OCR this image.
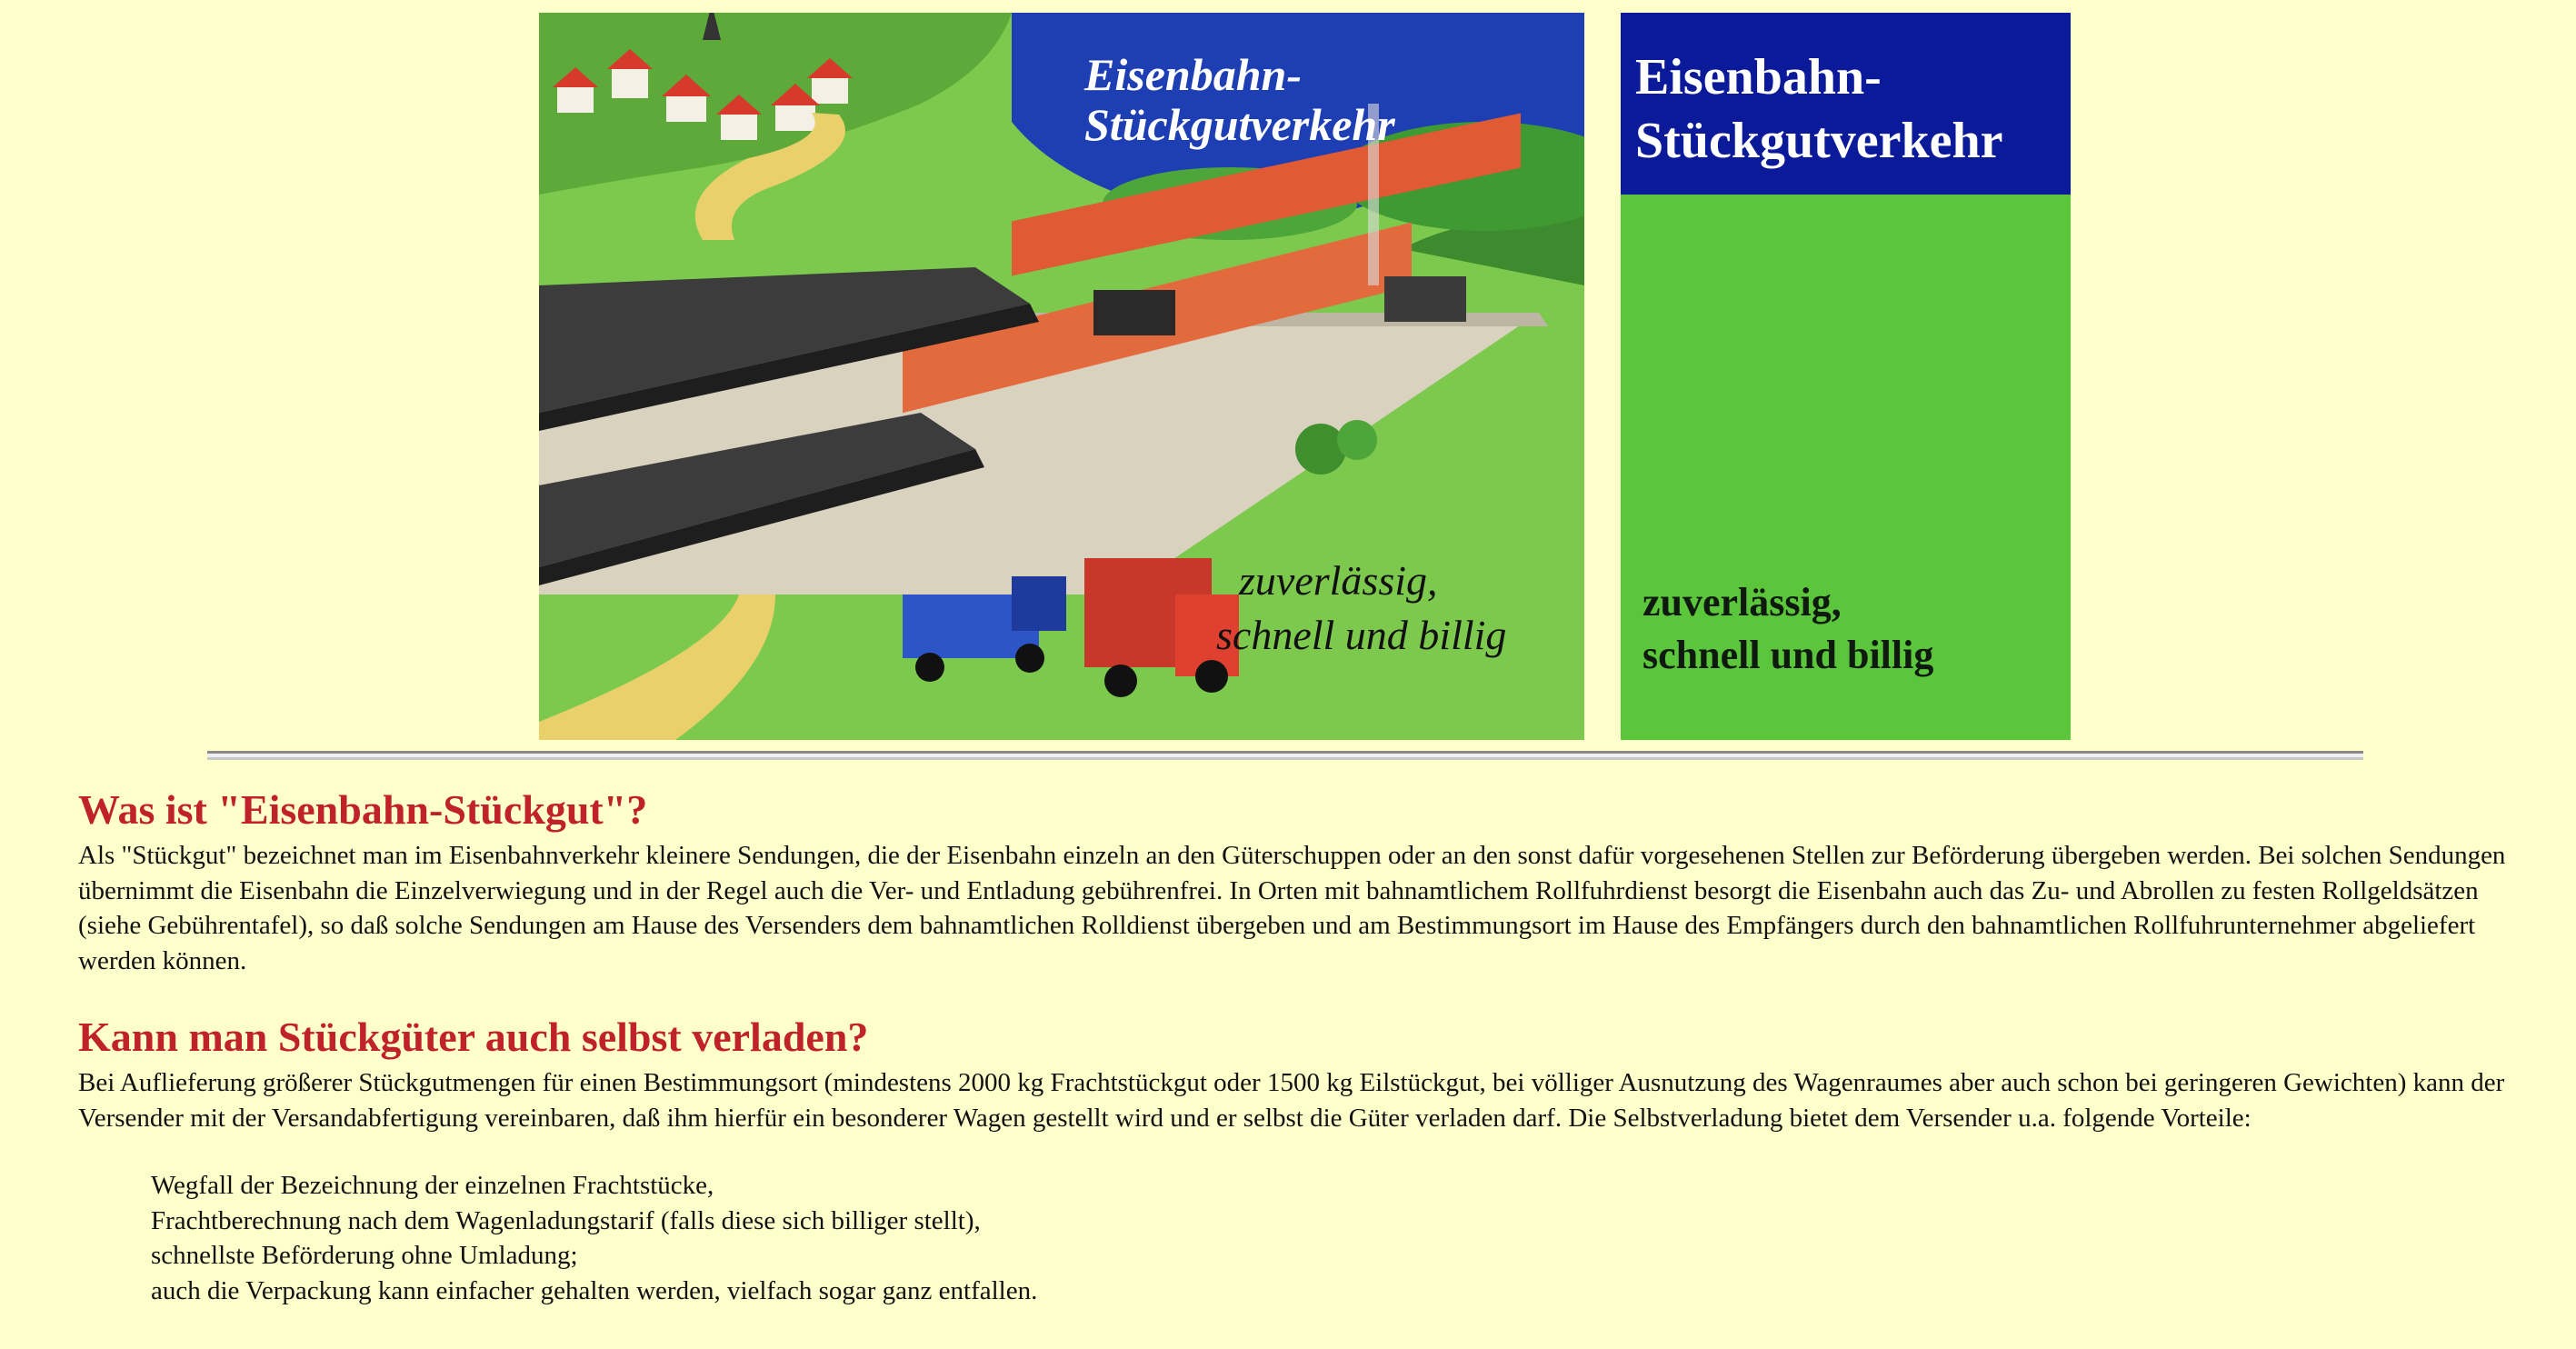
Eisenbahn-
Stückgutverkehr
zuverlässig,
schnell und billig
Eisenbahn-
Stückgutverkehr
zuverlässig,
schnell und billig
Was ist "Eisenbahn-Stückgut"?

Als "Stückgut" bezeichnet man im Eisenbahnverkehr kleinere Sendungen, die der Eisenbahn einzeln an den Güterschuppen oder an den sonst dafür vorgesehenen Stellen zur Beförderung übergeben werden. Bei solchen Sendungen übernimmt die Eisenbahn die Einzelverwiegung und in der Regel auch die Ver- und Entladung gebührenfrei. In Orten mit bahnamtlichem Rollfuhrdienst besorgt die Eisenbahn auch das Zu- und Abrollen zu festen Rollgeldsätzen (siehe Gebührentafel), so daß solche Sendungen am Hause des Versenders dem bahnamtlichen Rolldienst übergeben und am Bestimmungsort im Hause des Empfängers durch den bahnamtlichen Rollfuhrunternehmer abgeliefert werden können.

Kann man Stückgüter auch selbst verladen?

Bei Auflieferung größerer Stückgutmengen für einen Bestimmungsort (mindestens 2000 kg Frachtstückgut oder 1500 kg Eilstückgut, bei völliger Ausnutzung des Wagenraumes aber auch schon bei geringeren Gewichten) kann der Versender mit der Versandabfertigung vereinbaren, daß ihm hierfür ein besonderer Wagen gestellt wird und er selbst die Güter verladen darf. Die Selbstverladung bietet dem Versender u.a. folgende Vorteile:

Wegfall der Bezeichnung der einzelnen Frachtstücke,
Frachtberechnung nach dem Wagenladungstarif (falls diese sich billiger stellt),
schnellste Beförderung ohne Umladung;
auch die Verpackung kann einfacher gehalten werden, vielfach sogar ganz entfallen.
